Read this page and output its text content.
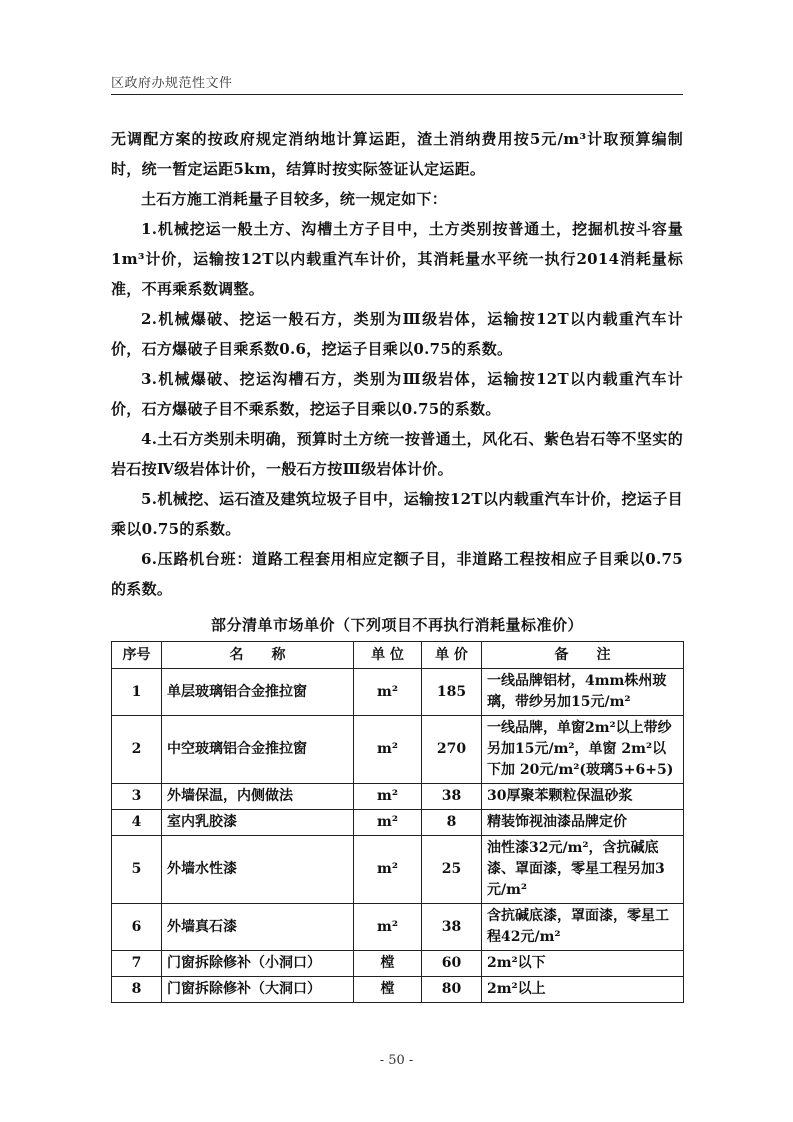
区政府办规范性文件

无调配方案的按政府规定消纳地计算运距，渣土消纳费用按5元/m³计取预算编制时，统一暂定运距5km，结算时按实际签证认定运距。

土石方施工消耗量子目较多，统一规定如下：

1.机械挖运一般土方、沟槽土方子目中，土方类别按普通土，挖掘机按斗容量1m³计价，运输按12T以内载重汽车计价，其消耗量水平统一执行2014消耗量标准，不再乘系数调整。

2.机械爆破、挖运一般石方，类别为Ⅲ级岩体，运输按12T以内载重汽车计价，石方爆破子目乘系数0.6，挖运子目乘以0.75的系数。

3.机械爆破、挖运沟槽石方，类别为Ⅲ级岩体，运输按12T以内载重汽车计价，石方爆破子目不乘系数，挖运子目乘以0.75的系数。

4.土石方类别未明确，预算时土方统一按普通土，风化石、紫色岩石等不坚实的岩石按Ⅳ级岩体计价，一般石方按Ⅲ级岩体计价。

5.机械挖、运石渣及建筑垃圾子目中，运输按12T以内载重汽车计价，挖运子目乘以0.75的系数。

6.压路机台班：道路工程套用相应定额子目，非道路工程按相应子目乘以0.75的系数。

部分清单市场单价（下列项目不再执行消耗量标准价）
序号	名　　称	单 位	单 价	备　　注
1	单层玻璃铝合金推拉窗	m²	185	一线品牌铝材，4mm株州玻璃，带纱另加15元/m²
2	中空玻璃铝合金推拉窗	m²	270	一线品牌，单窗2m²以上带纱另加15元/m²，单窗 2m²以下加 20元/m²(玻璃5+6+5)
3	外墙保温，内侧做法	m²	38	30厚聚苯颗粒保温砂浆
4	室内乳胶漆	m²	8	精装饰视油漆品牌定价
5	外墙水性漆	m²	25	油性漆32元/m²，含抗碱底漆、罩面漆，零星工程另加3元/m²
6	外墙真石漆	m²	38	含抗碱底漆，罩面漆，零星工程42元/m²
7	门窗拆除修补（小洞口）	樘	60	2m²以下
8	门窗拆除修补（大洞口）	樘	80	2m²以上
- 50 -
